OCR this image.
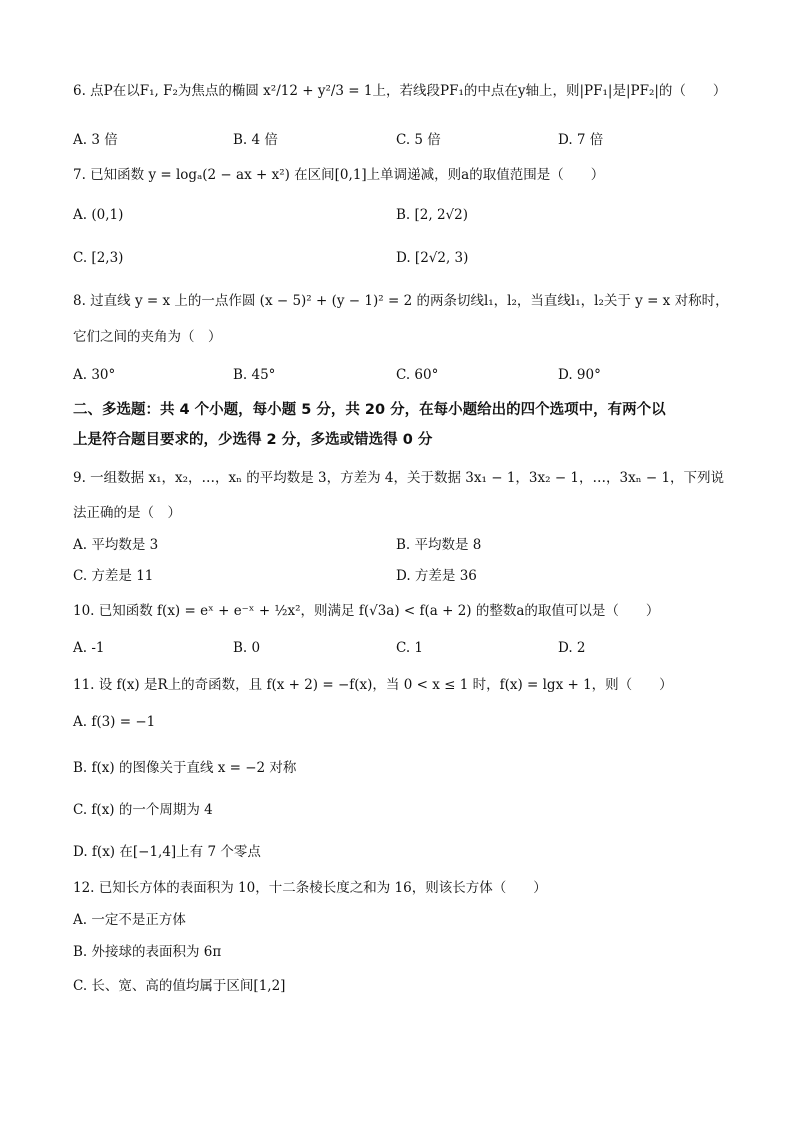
6. 点P在以F₁, F₂为焦点的椭圆 x²/12 + y²/3 = 1上，若线段PF₁的中点在y轴上，则|PF₁|是|PF₂|的（　　）
A. 3 倍	B. 4 倍	C. 5 倍	D. 7 倍
7. 已知函数 y = logₐ(2 − ax + x²) 在区间[0,1]上单调递减，则a的取值范围是（　　）
A. (0,1)	B. [2, 2√2)
C. [2,3)	D. [2√2, 3)
8. 过直线 y = x 上的一点作圆 (x − 5)² + (y − 1)² = 2 的两条切线l₁，l₂，当直线l₁，l₂关于 y = x 对称时，
它们之间的夹角为（　）
A. 30°	B. 45°	C. 60°	D. 90°
二、多选题：共 4 个小题，每小题 5 分，共 20 分，在每小题给出的四个选项中，有两个以
上是符合题目要求的，少选得 2 分，多选或错选得 0 分
9. 一组数据 x₁，x₂，…，xₙ 的平均数是 3，方差为 4，关于数据 3x₁ − 1，3x₂ − 1，…，3xₙ − 1，下列说
法正确的是（　）
A. 平均数是 3	B. 平均数是 8
C. 方差是 11	D. 方差是 36
10. 已知函数 f(x) = eˣ + e⁻ˣ + ½x²，则满足 f(√3a) < f(a + 2) 的整数a的取值可以是（　　）
A. -1	B. 0	C. 1	D. 2
11. 设 f(x) 是R上的奇函数，且 f(x + 2) = −f(x)，当 0 < x ≤ 1 时，f(x) = lgx + 1，则（　　）
A. f(3) = −1
B. f(x) 的图像关于直线 x = −2 对称
C. f(x) 的一个周期为 4
D. f(x) 在[−1,4]上有 7 个零点
12. 已知长方体的表面积为 10，十二条棱长度之和为 16，则该长方体（　　）
A. 一定不是正方体
B. 外接球的表面积为 6π
C. 长、宽、高的值均属于区间[1,2]
